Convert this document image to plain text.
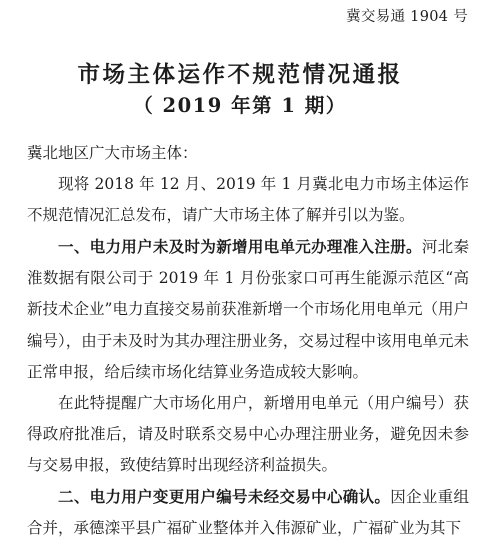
冀交易通 1904 号
市场主体运作不规范情况通报
（ 2019 年第 1 期）

冀北地区广大市场主体：

现将 2018 年 12 月、2019 年 1 月冀北电力市场主体运作不规范情况汇总发布，请广大市场主体了解并引以为鉴。

一、电力用户未及时为新增用电单元办理准入注册。河北秦淮数据有限公司于 2019 年 1 月份张家口可再生能源示范区“高新技术企业”电力直接交易前获准新增一个市场化用电单元（用户编号），由于未及时为其办理注册业务，交易过程中该用电单元未正常申报，给后续市场化结算业务造成较大影响。

在此特提醒广大市场化用户，新增用电单元（用户编号）获得政府批准后，请及时联系交易中心办理注册业务，避免因未参与交易申报，致使结算时出现经济利益损失。

二、电力用户变更用户编号未经交易中心确认。因企业重组合并，承德滦平县广福矿业整体并入伟源矿业，广福矿业为其下
